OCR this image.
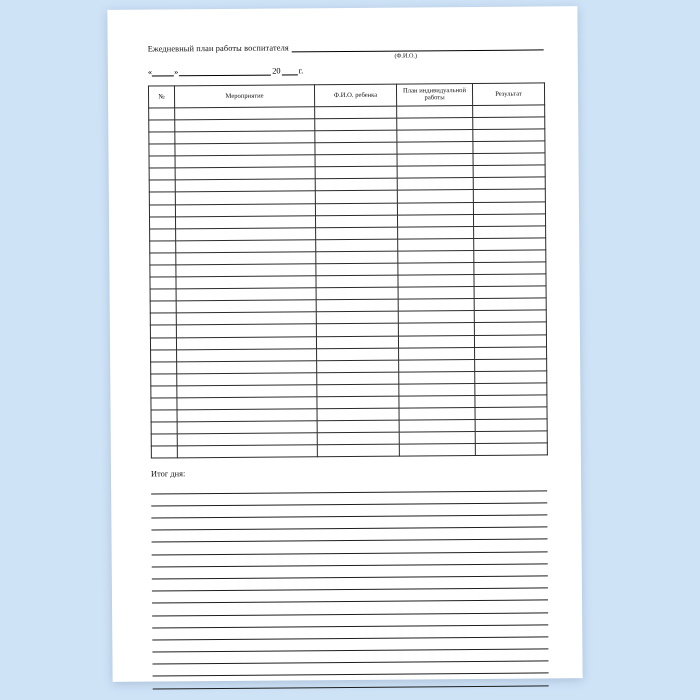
Ежедневный план работы воспитателя
(Ф.И.О.)
«	»	20 г.
№	Мероприятие	Ф.И.О. ребенка	План индивидуальной работы	Результат

Итог дня:
